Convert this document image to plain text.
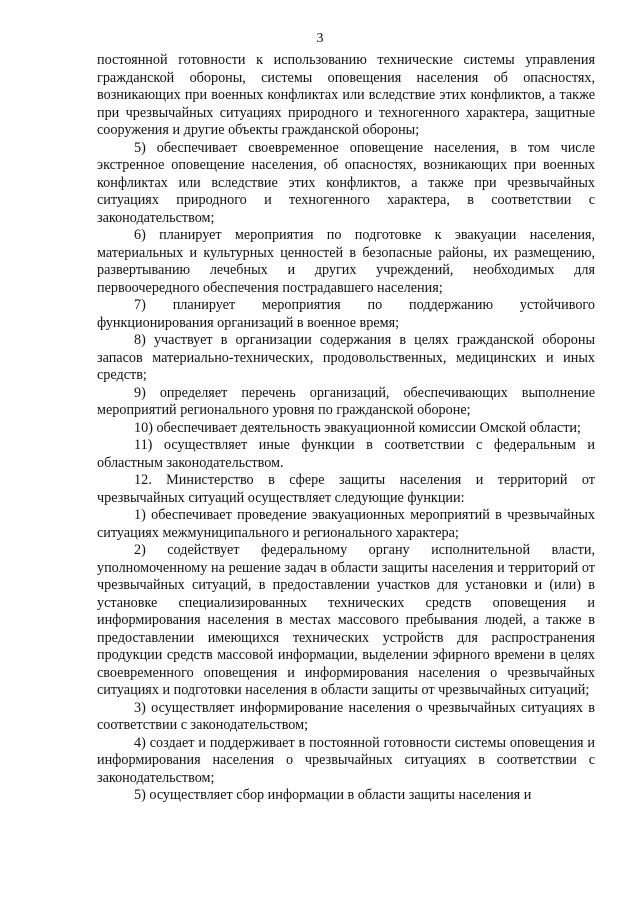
3

постоянной готовности к использованию технические системы управления гражданской обороны, системы оповещения населения об опасностях, возникающих при военных конфликтах или вследствие этих конфликтов, а также при чрезвычайных ситуациях природного и техногенного характера, защитные сооружения и другие объекты гражданской обороны;

5) обеспечивает своевременное оповещение населения, в том числе экстренное оповещение населения, об опасностях, возникающих при военных конфликтах или вследствие этих конфликтов, а также при чрезвычайных ситуациях природного и техногенного характера, в соответствии с законодательством;

6) планирует мероприятия по подготовке к эвакуации населения, материальных и культурных ценностей в безопасные районы, их размещению, развертыванию лечебных и других учреждений, необходимых для первоочередного обеспечения пострадавшего населения;

7) планирует мероприятия по поддержанию устойчивого функционирования организаций в военное время;

8) участвует в организации содержания в целях гражданской обороны запасов материально-технических, продовольственных, медицинских и иных средств;

9) определяет перечень организаций, обеспечивающих выполнение мероприятий регионального уровня по гражданской обороне;

10) обеспечивает деятельность эвакуационной комиссии Омской области;

11) осуществляет иные функции в соответствии с федеральным и областным законодательством.

12. Министерство в сфере защиты населения и территорий от чрезвычайных ситуаций осуществляет следующие функции:

1) обеспечивает проведение эвакуационных мероприятий в чрезвычайных ситуациях межмуниципального и регионального характера;

2) содействует федеральному органу исполнительной власти, уполномоченному на решение задач в области защиты населения и территорий от чрезвычайных ситуаций, в предоставлении участков для установки и (или) в установке специализированных технических средств оповещения и информирования населения в местах массового пребывания людей, а также в предоставлении имеющихся технических устройств для распространения продукции средств массовой информации, выделении эфирного времени в целях своевременного оповещения и информирования населения о чрезвычайных ситуациях и подготовки населения в области защиты от чрезвычайных ситуаций;

3) осуществляет информирование населения о чрезвычайных ситуациях в соответствии с законодательством;

4) создает и поддерживает в постоянной готовности системы оповещения и информирования населения о чрезвычайных ситуациях в соответствии с законодательством;

5) осуществляет сбор информации в области защиты населения и
